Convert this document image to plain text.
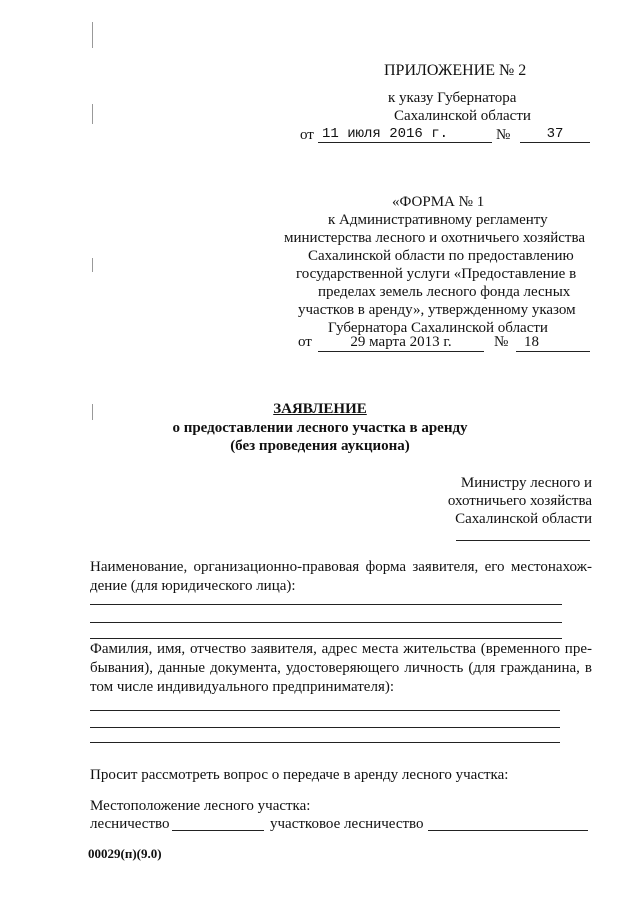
ПРИЛОЖЕНИЕ № 2
к указу Губернатора
Сахалинской области
от 11 июля 2016 г.	№	37
«ФОРМА № 1
к Административному регламенту
министерства лесного и охотничьего хозяйства
Сахалинской области по предоставлению
государственной услуги «Предоставление в
пределах земель лесного фонда лесных
участков в аренду», утвержденному указом
Губернатора Сахалинской области
от	29 марта 2013 г.	№	18
ЗАЯВЛЕНИЕ
о предоставлении лесного участка в аренду
(без проведения аукциона)
Министру лесного и
охотничьего хозяйства
Сахалинской области
Наименование, организационно-правовая форма заявителя, его местонахож-дение (для юридического лица):
Фамилия, имя, отчество заявителя, адрес места жительства (временного пре-бывания), данные документа, удостоверяющего личность (для гражданина, в том числе индивидуального предпринимателя):
Просит рассмотреть вопрос о передаче в аренду лесного участка:
Местоположение лесного участка:
лесничество	участковое лесничество
00029(п)(9.0)
